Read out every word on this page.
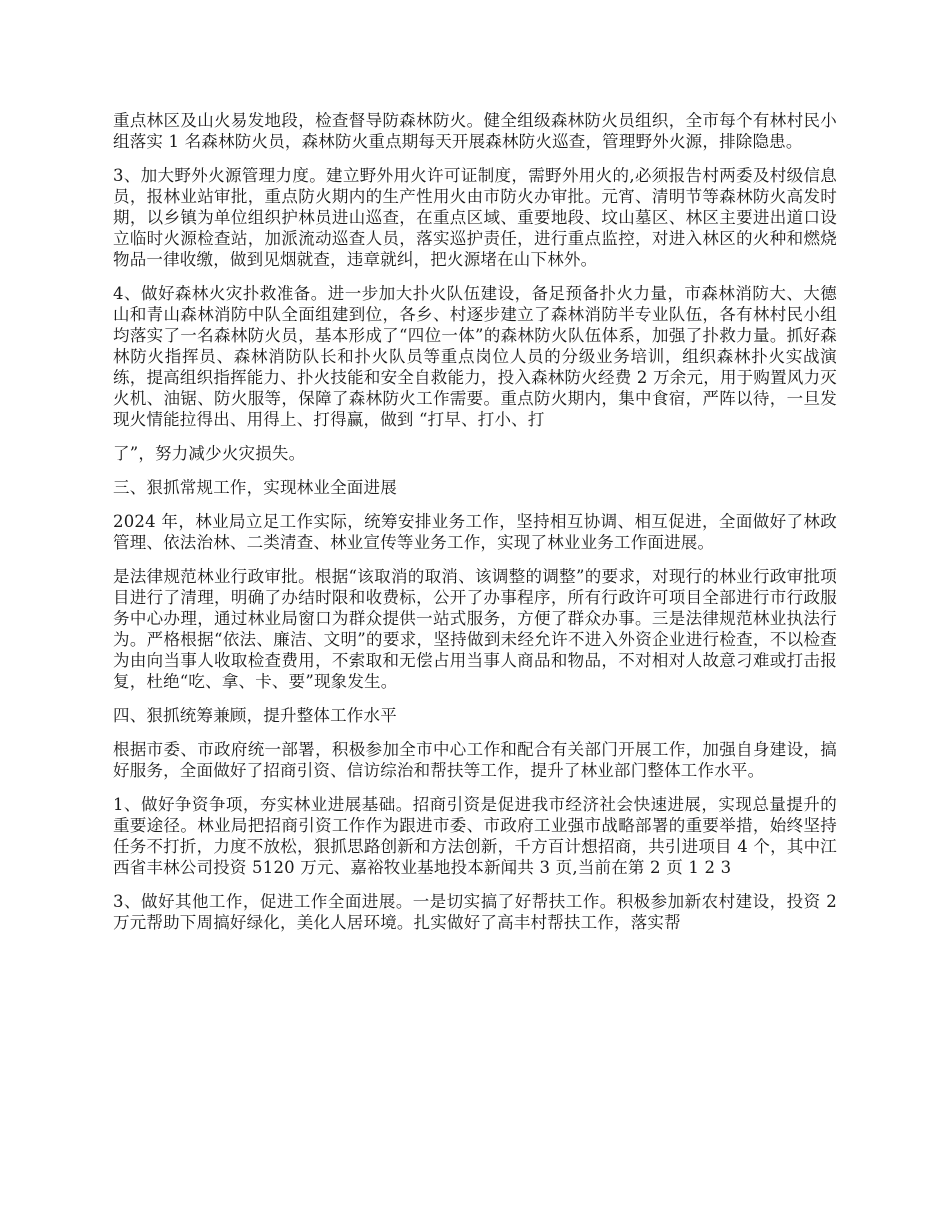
重点林区及山火易发地段，检查督导防森林防火。健全组级森林防火员组织，全市每个有林村民小组落实 1 名森林防火员，森林防火重点期每天开展森林防火巡查，管理野外火源，排除隐患。

3、加大野外火源管理力度。建立野外用火许可证制度，需野外用火的,必须报告村两委及村级信息员，报林业站审批，重点防火期内的生产性用火由市防火办审批。元宵、清明节等森林防火高发时期，以乡镇为单位组织护林员进山巡查，在重点区域、重要地段、坟山墓区、林区主要进出道口设立临时火源检查站，加派流动巡查人员，落实巡护责任，进行重点监控，对进入林区的火种和燃烧物品一律收缴，做到见烟就查，违章就纠，把火源堵在山下林外。

4、做好森林火灾扑救准备。进一步加大扑火队伍建设，备足预备扑火力量，市森林消防大、大德山和青山森林消防中队全面组建到位，各乡、村逐步建立了森林消防半专业队伍，各有林村民小组均落实了一名森林防火员，基本形成了“四位一体”的森林防火队伍体系，加强了扑救力量。抓好森林防火指挥员、森林消防队长和扑火队员等重点岗位人员的分级业务培训，组织森林扑火实战演练，提高组织指挥能力、扑火技能和安全自救能力，投入森林防火经费 2 万余元，用于购置风力灭火机、油锯、防火服等，保障了森林防火工作需要。重点防火期内，集中食宿，严阵以待，一旦发现火情能拉得出、用得上、打得赢，做到 “打早、打小、打

了”，努力减少火灾损失。

三、狠抓常规工作，实现林业全面进展

2024 年，林业局立足工作实际，统筹安排业务工作，坚持相互协调、相互促进，全面做好了林政管理、依法治林、二类清查、林业宣传等业务工作，实现了林业业务工作面进展。

是法律规范林业行政审批。根据“该取消的取消、该调整的调整”的要求，对现行的林业行政审批项目进行了清理，明确了办结时限和收费标，公开了办事程序，所有行政许可项目全部进行市行政服务中心办理，通过林业局窗口为群众提供一站式服务，方便了群众办事。三是法律规范林业执法行为。严格根据“依法、廉洁、文明”的要求，坚持做到未经允许不进入外资企业进行检查，不以检查为由向当事人收取检查费用，不索取和无偿占用当事人商品和物品，不对相对人故意刁难或打击报复，杜绝“吃、拿、卡、要”现象发生。

四、狠抓统筹兼顾，提升整体工作水平

根据市委、市政府统一部署，积极参加全市中心工作和配合有关部门开展工作，加强自身建设，搞好服务，全面做好了招商引资、信访综治和帮扶等工作，提升了林业部门整体工作水平。

1、做好争资争项，夯实林业进展基础。招商引资是促进我市经济社会快速进展，实现总量提升的重要途径。林业局把招商引资工作作为跟进市委、市政府工业强市战略部署的重要举措，始终坚持任务不打折，力度不放松，狠抓思路创新和方法创新，千方百计想招商，共引进项目 4 个，其中江西省丰林公司投资 5120 万元、嘉裕牧业基地投本新闻共 3 页,当前在第 2 页 1 2 3

3、做好其他工作，促进工作全面进展。一是切实搞了好帮扶工作。积极参加新农村建设，投资 2 万元帮助下周搞好绿化，美化人居环境。扎实做好了高丰村帮扶工作，落实帮
